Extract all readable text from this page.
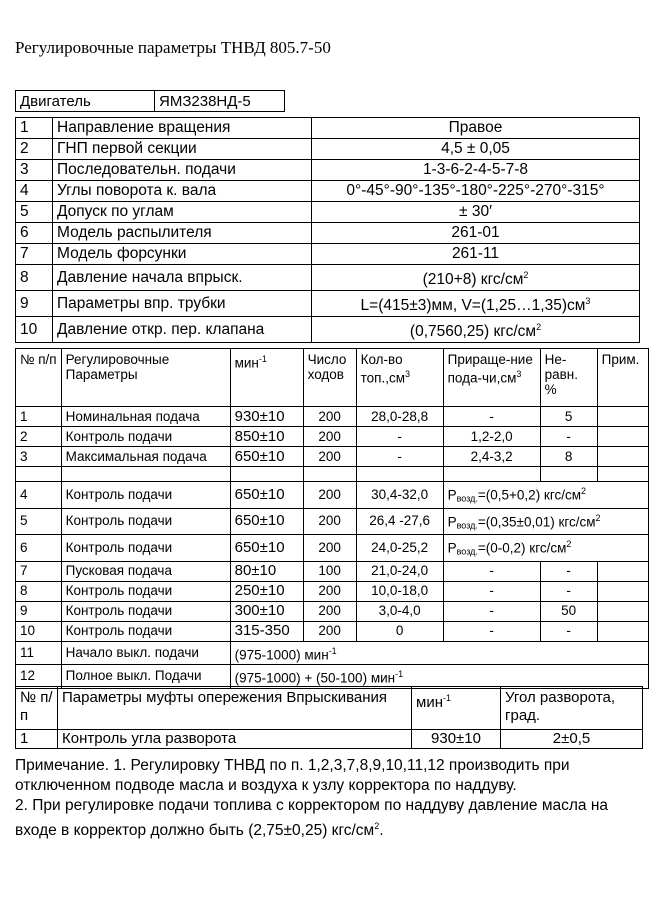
Регулировочные параметры ТНВД 805.7-50
Двигатель	ЯМЗ238НД-5
1	Направление вращения	Правое
2	ГНП первой секции	4,5 ± 0,05
3	Последовательн. подачи	1-3-6-2-4-5-7-8
4	Углы поворота к. вала	0°-45°-90°-135°-180°-225°-270°-315°
5	Допуск по углам	± 30′
6	Модель распылителя	261-01
7	Модель форсунки	261-11
8	Давление начала впрыск.	(210+8) кгс/$см^2$
9	Параметры впр. трубки	L=(415±3)мм, $V=(1,25\dots 1,35)см^3$
10	Давление откр. пер. клапана	(0,7560,25) кгс/$см^2$
№ п/п	Регулировочные Параметры	мин$^{-1}$	Число ходов	Кол-во $топ.,см^3$	Прираще-ние пода-$чи,см^3$	Не-равн. %	Прим.
1	Номинальная подача	930±10	200	28,0-28,8	-	5	
2	Контроль подачи	850±10	200	-	1,2-2,0	-	
3	Максимальная подача	650±10	200	-	2,4-3,2	8	

4	Контроль подачи	650±10	200	30,4-32,0	$P_{возд.}=(0,5+0,2)$ кгс/$см^2$
5	Контроль подачи	650±10	200	26,4 -27,6	$P_{возд.}=(0,35\pm 0,01)$ кгс/$см^2$
6	Контроль подачи	650±10	200	24,0-25,2	$P_{возд.}=(0-0,2)$ кгс/$см^2$
7	Пусковая подача	80±10	100	21,0-24,0	-	-	
8	Контроль подачи	250±10	200	10,0-18,0	-	-	
9	Контроль подачи	300±10	200	3,0-4,0	-	50	
10	Контроль подачи	315-350	200	0	-	-	
11	Начало выкл. подачи	(975-1000) мин$^{-1}$
12	Полное выкл. Подачи	(975-1000) + (50-100) мин$^{-1}$
№ п/п	Параметры муфты опережения Впрыскивания	мин$^{-1}$	Угол разворота, град.
1	Контроль угла разворота	930±10	2±0,5

Примечание. 1. Регулировку ТНВД по п. 1,2,3,7,8,9,10,11,12 производить при отключенном подводе масла и воздуха к узлу корректора по наддуву.

2. При регулировке подачи топлива с корректором по наддуву давление масла на входе в корректор должно быть (2,75±0,25) кгс/$см^2$.
